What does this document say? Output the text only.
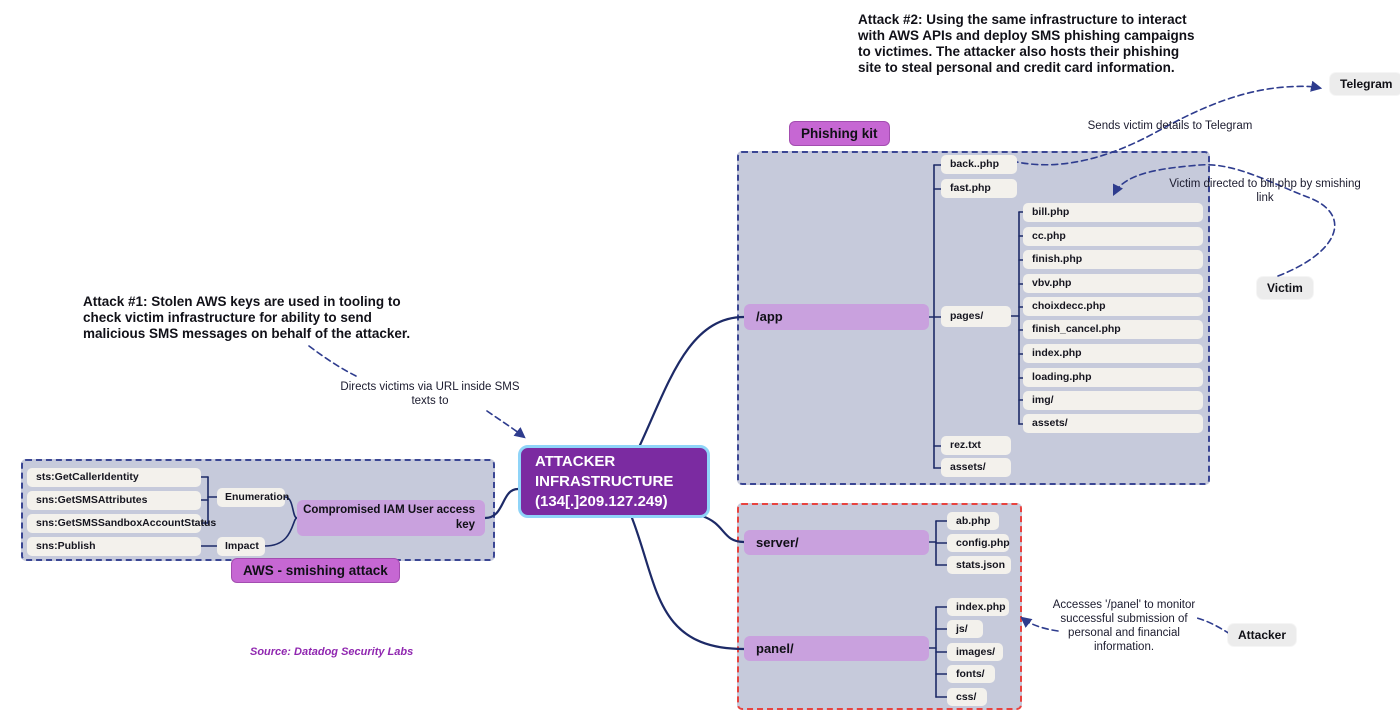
Attack #2: Using the same infrastructure to interact with AWS APIs and deploy SMS phishing campaigns to victimes. The attacker also hosts their phishing site to steal personal and credit card information.
Attack #1: Stolen AWS keys are used in tooling to check victim infrastructure for ability to send malicious SMS messages on behalf of the attacker.
Sends victim details to Telegram
Victim directed to bill.php by smishing link
Directs victims via URL inside SMS texts to
Accesses '/panel' to monitor successful submission of personal and financial information.
Source: Datadog Security Labs
Phishing kit
AWS - smishing attack
ATTACKER INFRASTRUCTURE (134[.]209.127.249)
Telegram
Victim
Attacker
sts:GetCallerIdentity
sns:GetSMSAttributes
sns:GetSMSSandboxAccountStatus
sns:Publish
Enumeration
Impact
Compromised IAM User access key
/app
back..php
fast.php
pages/
rez.txt
assets/
bill.php
cc.php
finish.php
vbv.php
choixdecc.php
finish_cancel.php
index.php
loading.php
img/
assets/
server/
ab.php
config.php
stats.json
panel/
index.php
js/
images/
fonts/
css/
